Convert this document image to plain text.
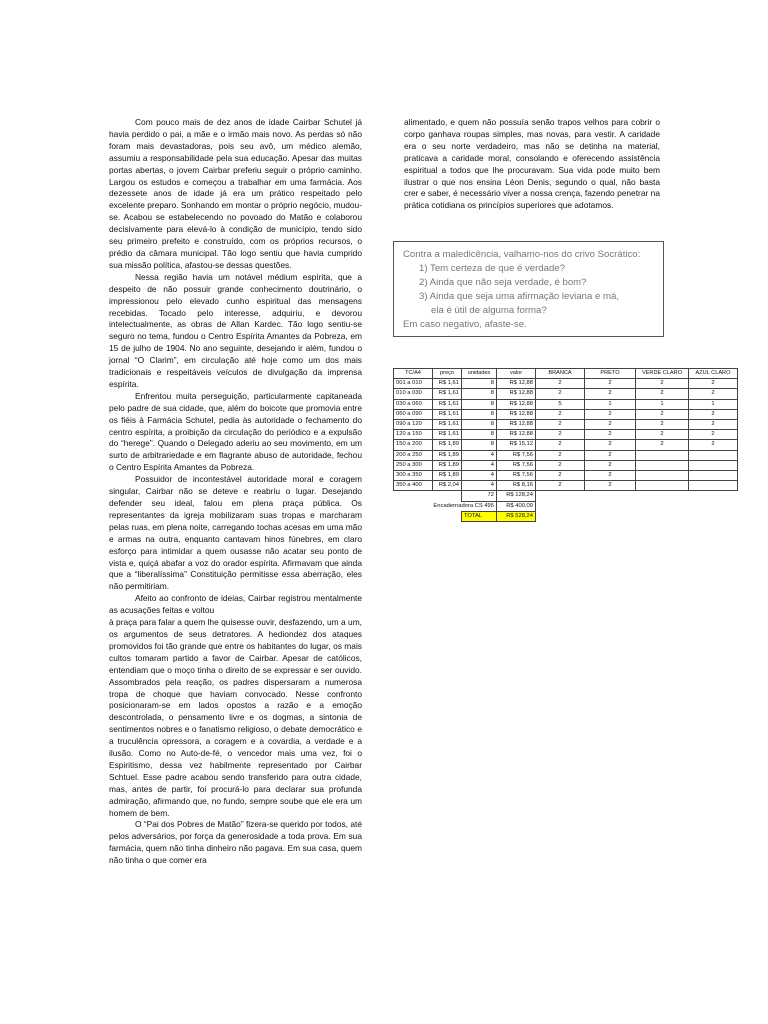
Com pouco mais de dez anos de idade Cairbar Schutel já havia perdido o pai, a mãe e o irmão mais novo. As perdas só não foram mais devastadoras, pois seu avô, um médico alemão, assumiu a responsabilidade pela sua educação. Apesar das muitas portas abertas, o jovem Cairbar preferiu seguir o próprio caminho. Largou os estudos e começou a trabalhar em uma farmácia. Aos dezessete anos de idade já era um prático respeitado pelo excelente preparo. Sonhando em montar o próprio negócio, mudou-se. Acabou se estabelecendo no povoado do Matão e colaborou decisivamente para elevá-lo à condição de município, tendo sido seu primeiro prefeito e construído, com os próprios recursos, o prédio da câmara municipal. Tão logo sentiu que havia cumprido sua missão política, afastou-se dessas questões.

Nessa região havia um notável médium espírita, que a despeito de não possuir grande conhecimento doutrinário, o impressionou pelo elevado cunho espiritual das mensagens recebidas. Tocado pelo interesse, adquiriu, e devorou intelectualmente, as obras de Allan Kardec. Tão logo sentiu-se seguro no tema, fundou o Centro Espírita Amantes da Pobreza, em 15 de julho de 1904. No ano seguinte, desejando ir além, fundou o jornal “O Clarim”, em circulação até hoje como um dos mais tradicionais e respeitáveis veículos de divulgação da imprensa espírita.

Enfrentou muita perseguição, particularmente capitaneada pelo padre de sua cidade, que, além do boicote que promovia entre os fiéis à Farmácia Schutel, pedia às autoridade o fechamento do centro espírita, a proibição da circulação do periódico e a expulsão do “herege”. Quando o Delegado aderiu ao seu movimento, em um surto de arbitrariedade e em flagrante abuso de autoridade, fechou o Centro Espírita Amantes da Pobreza.

Possuidor de incontestável autoridade moral e coragem singular, Cairbar não se deteve e reabriu o lugar. Desejando defender seu ideal, falou em plena praça pública. Os representantes da igreja mobilizaram suas tropas e marcharam pelas ruas, em plena noite, carregando tochas acesas em uma mão e armas na outra, enquanto cantavam hinos fúnebres, em claro esforço para intimidar a quem ousasse não acatar seu ponto de vista e, quiçá abafar a voz do orador espírita. Afirmavam que ainda que a “liberalíssima” Constituição permitisse essa aberração, eles não permitiriam.

Afeito ao confronto de ideias, Cairbar registrou mentalmente as acusações feitas e voltou

à praça para falar a quem lhe quisesse ouvir, desfazendo, um a um, os argumentos de seus detratores. A hediondez dos ataques promovidos foi tão grande que entre os habitantes do lugar, os mais cultos tomaram partido a favor de Cairbar. Apesar de católicos, entendiam que o moço tinha o direito de se expressar e ser ouvido. Assombrados pela reação, os padres dispersaram a numerosa tropa de choque que haviam convocado. Nesse confronto posicionaram-se em lados opostos a razão e a emoção descontrolada, o pensamento livre e os dogmas, a sintonia de sentimentos nobres e o fanatismo religioso, o debate democrático e a truculência opressora, a coragem e a covardia, a verdade e a ilusão. Como no Auto-de-fé, o vencedor mais uma vez, foi o Espiritismo, dessa vez habilmente representado por Cairbar Schtuel. Esse padre acabou sendo transferido para outra cidade, mas, antes de partir, foi procurá-lo para declarar sua profunda admiração, afirmando que, no fundo, sempre soube que ele era um homem de bem.

O “Pai dos Pobres de Matão” fizera-se querido por todos, até pelos adversários, por força da generosidade a toda prova. Em sua farmácia, quem não tinha dinheiro não pagava. Em sua casa, quem não tinha o que comer era

alimentado, e quem não possuía senão trapos velhos para cobrir o corpo ganhava roupas simples, mas novas, para vestir. A caridade era o seu norte verdadeiro, mas não se detinha na material, praticava a caridade moral, consolando e oferecendo assistência espiritual a todos que lhe procuravam. Sua vida pode muito bem ilustrar o que nos ensina Léon Denis, segundo o qual, não basta crer e saber, é necessário viver a nossa crença, fazendo penetrar na prática cotidiana os princípios superiores que adotamos.

Contra a maledicência, valhamo-nos do crivo Socrático:
1) Tem certeza de que é verdade?
2) Ainda que não seja verdade, é bom?
3) Ainda que seja uma afirmação leviana e má,
ela é útil de alguma forma?
Em caso negativo, afaste-se.
TC/A4	preço	unidades	valor	BRANCA	PRETO	VERDE CLARO	AZUL CLARO
001 a 010	R$ 1,61	8	R$ 12,88	2	2	2	2
010 a 030	R$ 1,61	8	R$ 12,88	2	2	2	2
030 a 060	R$ 1,61	8	R$ 12,88	5	1	1	1
060 a 090	R$ 1,61	8	R$ 12,88	2	2	2	2
090 a 120	R$ 1,61	8	R$ 12,88	2	2	2	2
120 a 150	R$ 1,61	8	R$ 12,88	2	2	2	2
150 a 200	R$ 1,89	8	R$ 15,12	2	2	2	2
200 a 250	R$ 1,89	4	R$ 7,56	2	2		
250 a 300	R$ 1,89	4	R$ 7,56	2	2		
300 a 350	R$ 1,89	4	R$ 7,56	2	2		
350 a 400	R$ 2,04	4	R$ 8,16	2	2		
		72	R$ 128,24				
Encadernadora CS 495			R$ 400,00				
		TOTAL	R$ 528,24				
